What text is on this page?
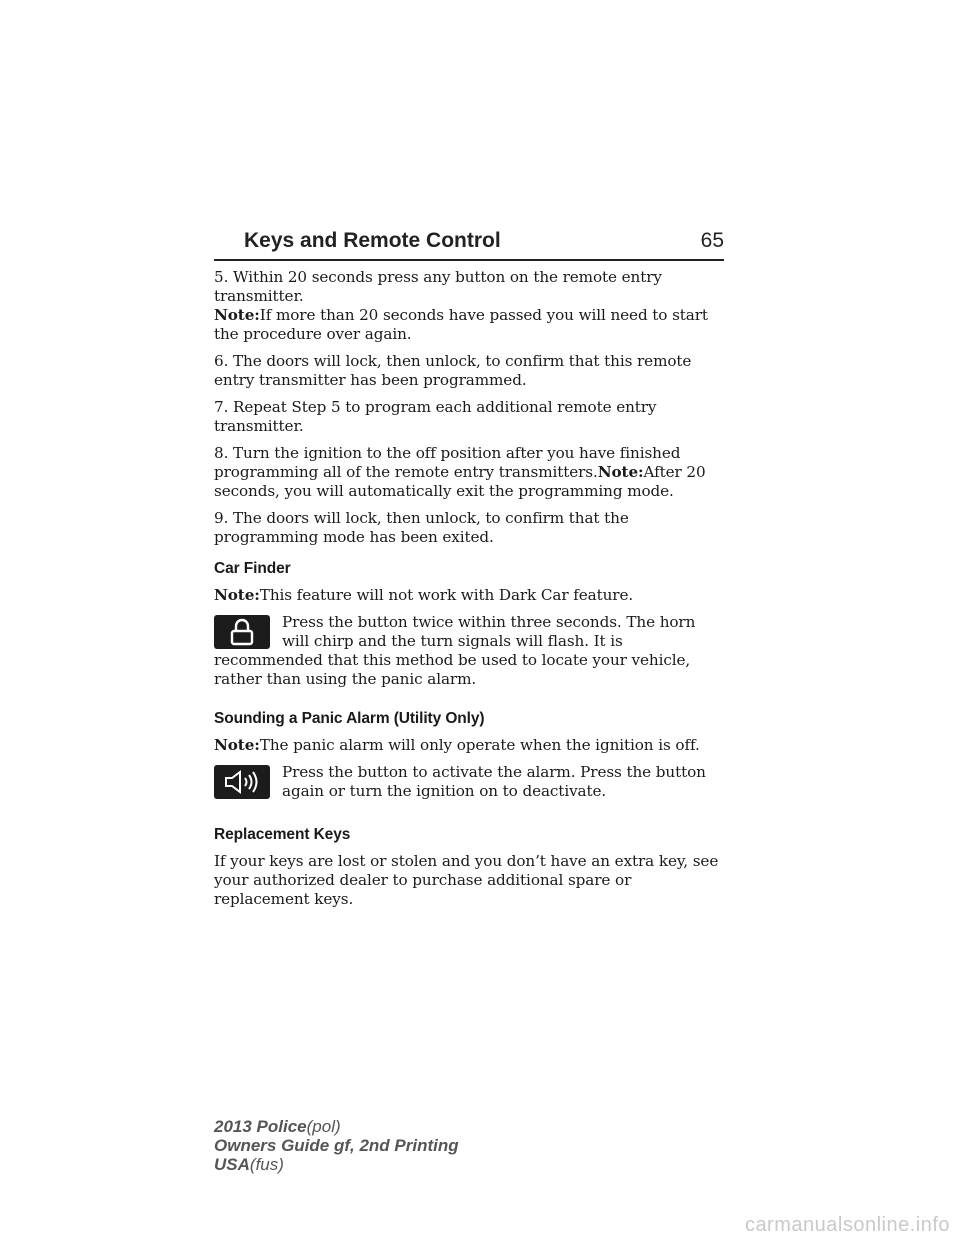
Keys and Remote Control	65

5. Within 20 seconds press any button on the remote entry transmitter.
Note:If more than 20 seconds have passed you will need to start the procedure over again.

6. The doors will lock, then unlock, to confirm that this remote entry transmitter has been programmed.

7. Repeat Step 5 to program each additional remote entry transmitter.

8. Turn the ignition to the off position after you have finished programming all of the remote entry transmitters.Note:After 20 seconds, you will automatically exit the programming mode.

9. The doors will lock, then unlock, to confirm that the programming mode has been exited.

Car Finder

Note:This feature will not work with Dark Car feature.

Press the button twice within three seconds. The horn will chirp and the turn signals will flash. It is recommended that this method be used to locate your vehicle, rather than using the panic alarm.

Sounding a Panic Alarm (Utility Only)

Note:The panic alarm will only operate when the ignition is off.

Press the button to activate the alarm. Press the button again or turn the ignition on to deactivate.

Replacement Keys

If your keys are lost or stolen and you don’t have an extra key, see your authorized dealer to purchase additional spare or replacement keys.

2013 Police(pol)
Owners Guide gf, 2nd Printing
USA(fus)
carmanualsonline.info
